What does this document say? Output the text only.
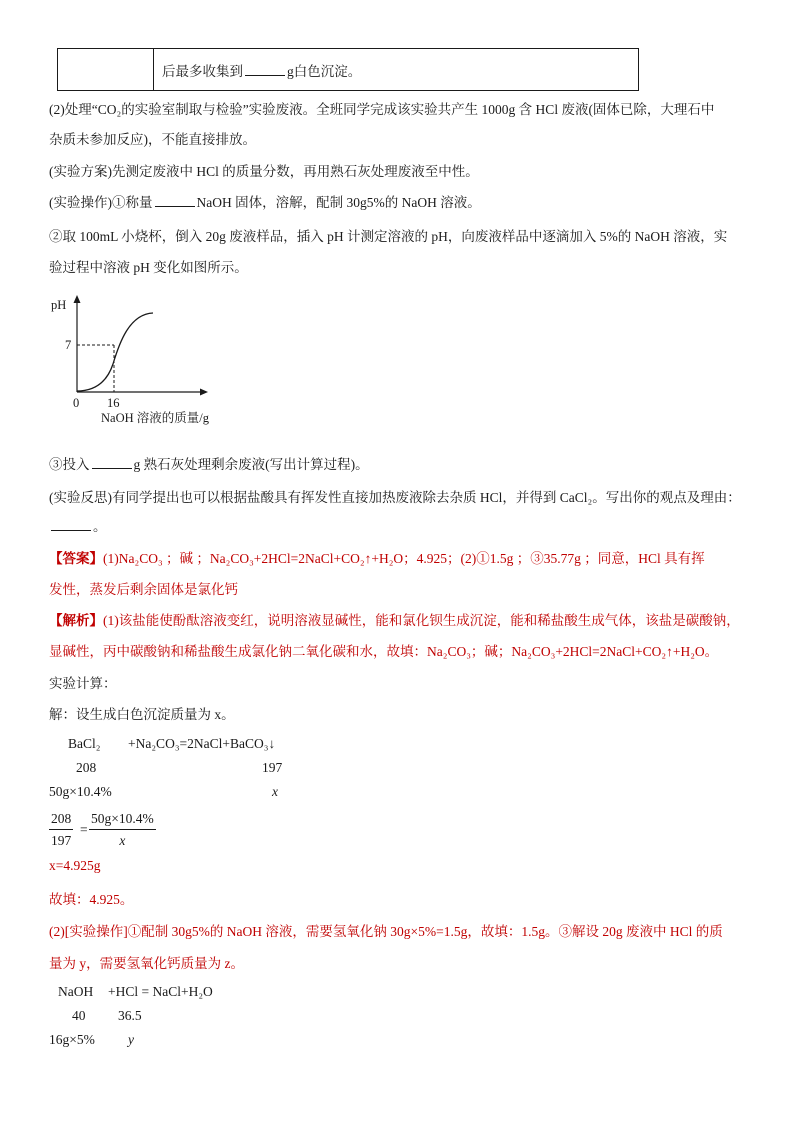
	后最多收集到	g白色沉淀。
(2)处理“CO₂的实验室制取与检验”实验废液。全班同学完成该实验共产生 1000g 含 HCl 废液(固体已除，大理石中
杂质未参加反应)，不能直接排放。
(实验方案)先测定废液中 HCl 的质量分数，再用熟石灰处理废液至中性。
(实验操作)①称量	NaOH 固体，溶解，配制 30g5%的 NaOH 溶液。
②取 100mL 小烧杯，倒入 20g 废液样品，插入 pH 计测定溶液的 pH，向废液样品中逐滴加入 5%的 NaOH 溶液，实
验过程中溶液 pH 变化如图所示。
pH
7
0 16
NaOH 溶液的质量/g
③投入	g 熟石灰处理剩余废液(写出计算过程)。
(实验反思)有同学提出也可以根据盐酸具有挥发性直接加热废液除去杂质 HCl，并得到 CaCl₂。写出你的观点及理由：
。
【答案】(1)Na₂CO₃ ；碱 ；Na₂CO₃+2HCl=2NaCl+CO₂↑+H₂O；4.925；(2)①1.5g ；③35.77g ；同意，HCl 具有挥
发性，蒸发后剩余固体是氯化钙
【解析】(1)该盐能使酚酞溶液变红，说明溶液显碱性，能和氯化钡生成沉淀，能和稀盐酸生成气体，该盐是碳酸钠，
显碱性，丙中碳酸钠和稀盐酸生成氯化钠二氧化碳和水，故填：Na₂CO₃；碱；Na₂CO₃+2HCl=2NaCl+CO₂↑+H₂O。
实验计算：
解：设生成白色沉淀质量为 x。
BaCl₂ +Na₂CO₃=2NaCl+BaCO₃↓
208	197
50g×10.4%	x
$\frac{208}{197} = \frac{50g\times 10.4\%}{x}$
x=4.925g
故填：4.925。
(2)[实验操作]①配制 30g5%的 NaOH 溶液，需要氢氧化钠 30g×5%=1.5g，故填：1.5g。③解设 20g 废液中 HCl 的质
量为 y，需要氢氧化钙质量为 z。
NaOH +HCl = NaCl+H₂O
40 36.5
16g×5% y
